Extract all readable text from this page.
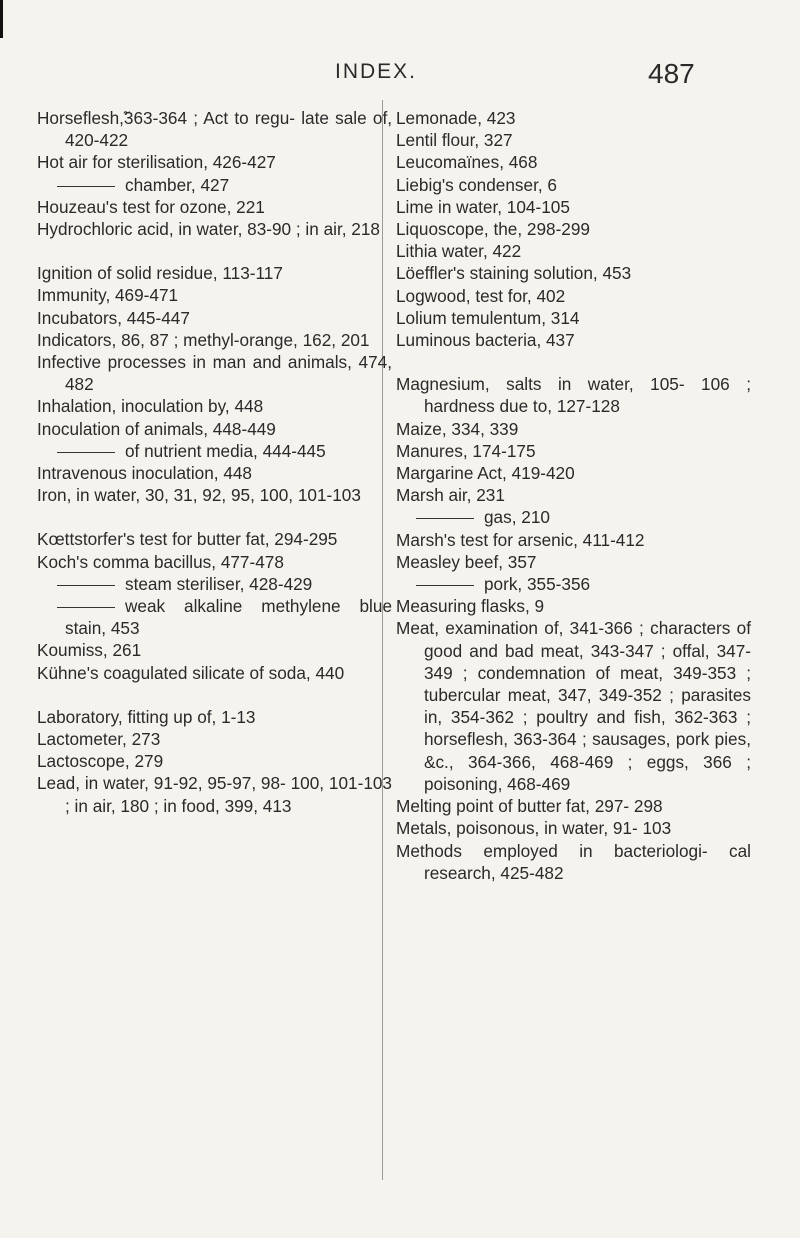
INDEX.	487
Horseflesh,̃363-364 ; Act to regu- late sale of, 420-422
Hot air for sterilisation, 426-427
chamber, 427
Houzeau's test for ozone, 221
Hydrochloric acid, in water, 83-90 ; in air, 218
Ignition of solid residue, 113-117
Immunity, 469-471
Incubators, 445-447
Indicators, 86, 87 ; methyl-orange, 162, 201
Infective processes in man and animals, 474, 482
Inhalation, inoculation by, 448
Inoculation of animals, 448-449
of nutrient media, 444-445
Intravenous inoculation, 448
Iron, in water, 30, 31, 92, 95, 100, 101-103
Kœttstorfer's test for butter fat, 294-295
Koch's comma bacillus, 477-478
steam steriliser, 428-429
weak alkaline methylene blue stain, 453
Koumiss, 261
Kühne's coagulated silicate of soda, 440
Laboratory, fitting up of, 1-13
Lactometer, 273
Lactoscope, 279
Lead, in water, 91-92, 95-97, 98- 100, 101-103 ; in air, 180 ; in food, 399, 413
Lemonade, 423
Lentil flour, 327
Leucomaïnes, 468
Liebig's condenser, 6
Lime in water, 104-105
Liquoscope, the, 298-299
Lithia water, 422
Löeffler's staining solution, 453
Logwood, test for, 402
Lolium temulentum, 314
Luminous bacteria, 437
Magnesium, salts in water, 105- 106 ; hardness due to, 127-128
Maize, 334, 339
Manures, 174-175
Margarine Act, 419-420
Marsh air, 231
gas, 210
Marsh's test for arsenic, 411-412
Measley beef, 357
pork, 355-356
Measuring flasks, 9
Meat, examination of, 341-366 ; characters of good and bad meat, 343-347 ; offal, 347-349 ; condemnation of meat, 349-353 ; tubercular meat, 347, 349-352 ; parasites in, 354-362 ; poultry and fish, 362-363 ; horseflesh, 363-364 ; sausages, pork pies, &c., 364-366, 468-469 ; eggs, 366 ; poisoning, 468-469
Melting point of butter fat, 297- 298
Metals, poisonous, in water, 91- 103
Methods employed in bacteriologi- cal research, 425-482
